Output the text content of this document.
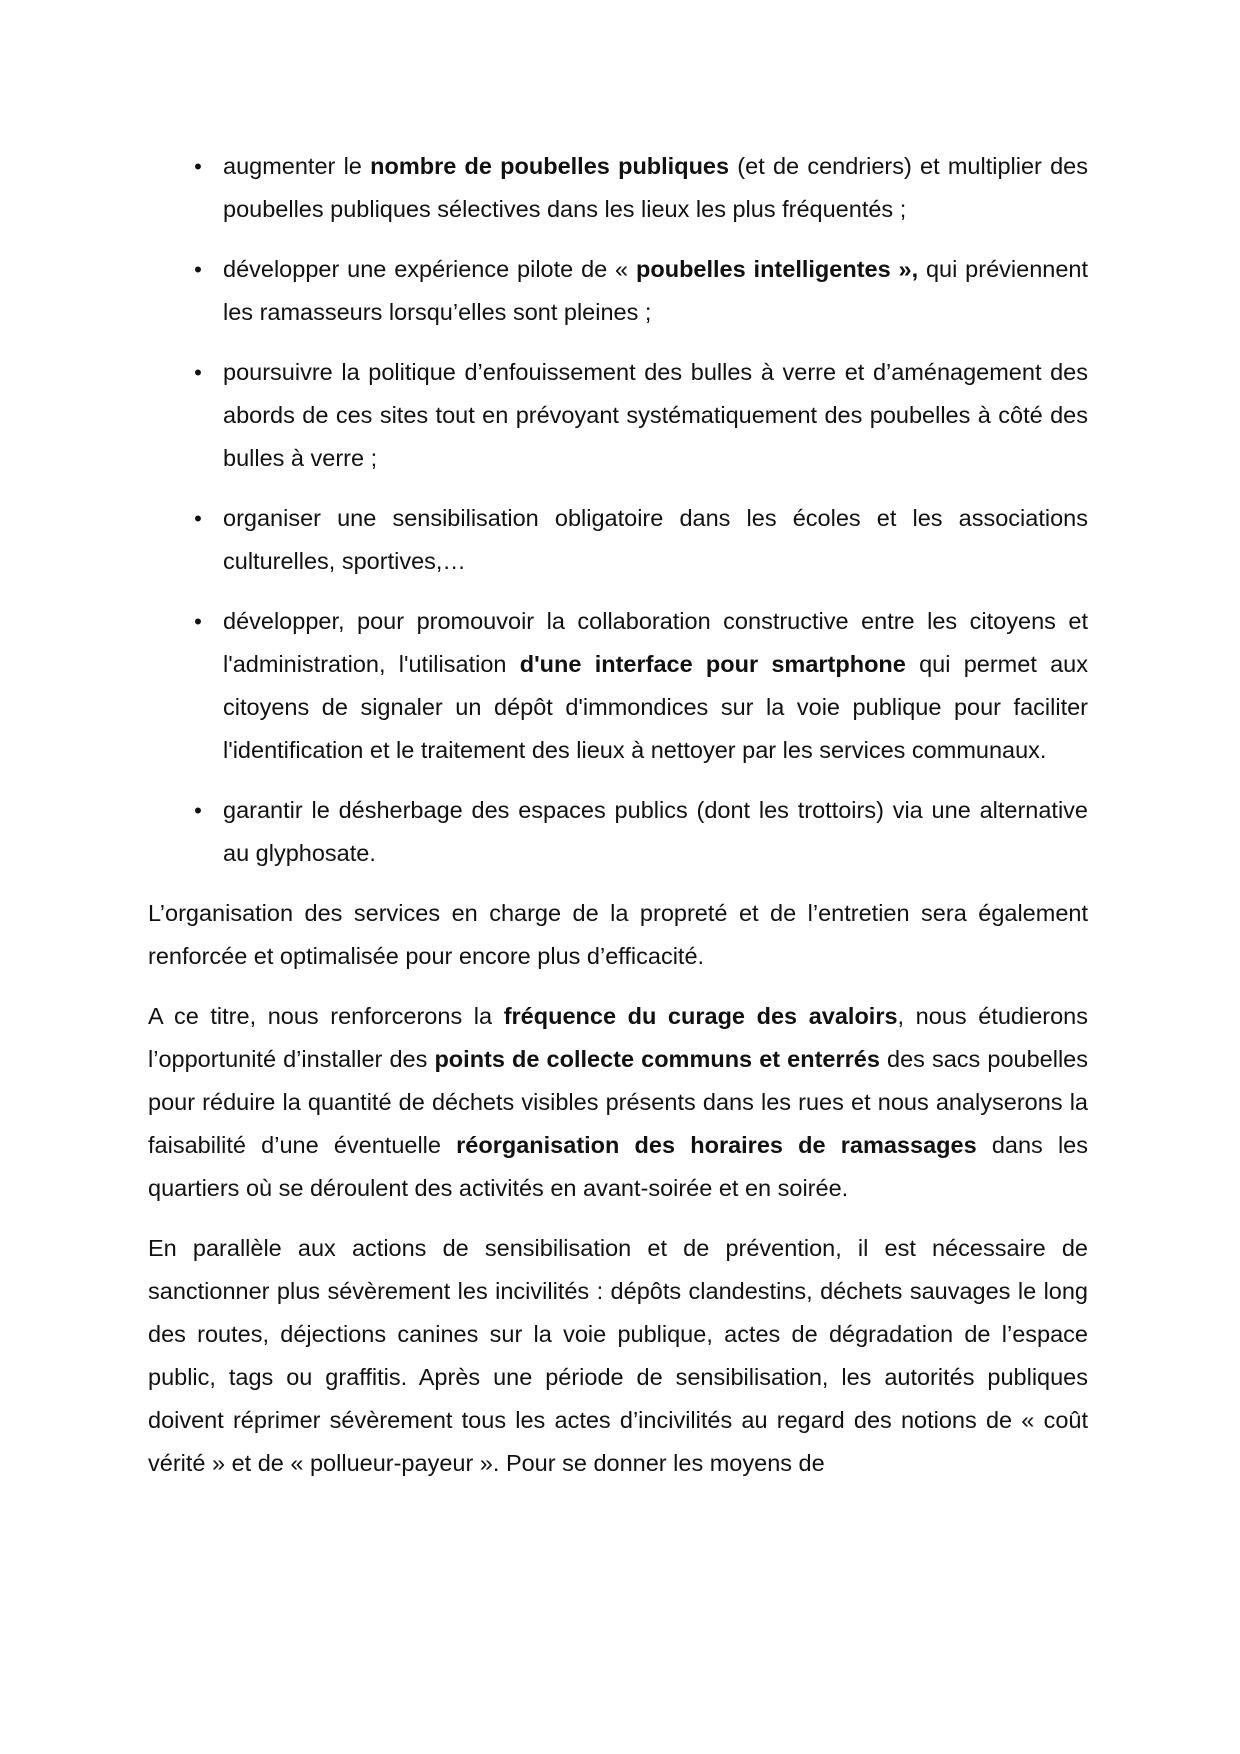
• augmenter le nombre de poubelles publiques (et de cendriers) et multiplier des poubelles publiques sélectives dans les lieux les plus fréquentés ;
• développer une expérience pilote de « poubelles intelligentes », qui préviennent les ramasseurs lorsqu’elles sont pleines ;
• poursuivre la politique d’enfouissement des bulles à verre et d’aménagement des abords de ces sites tout en prévoyant systématiquement des poubelles à côté des bulles à verre ;
• organiser une sensibilisation obligatoire dans les écoles et les associations culturelles, sportives,…
• développer, pour promouvoir la collaboration constructive entre les citoyens et l'administration, l'utilisation d'une interface pour smartphone qui permet aux citoyens de signaler un dépôt d'immondices sur la voie publique pour faciliter l'identification et le traitement des lieux à nettoyer par les services communaux.
• garantir le désherbage des espaces publics (dont les trottoirs) via une alternative au glyphosate.

L’organisation des services en charge de la propreté et de l’entretien sera également renforcée et optimalisée pour encore plus d’efficacité.

A ce titre, nous renforcerons la fréquence du curage des avaloirs, nous étudierons l’opportunité d’installer des points de collecte communs et enterrés des sacs poubelles pour réduire la quantité de déchets visibles présents dans les rues et nous analyserons la faisabilité d’une éventuelle réorganisation des horaires de ramassages dans les quartiers où se déroulent des activités en avant-soirée et en soirée.

En parallèle aux actions de sensibilisation et de prévention, il est nécessaire de sanctionner plus sévèrement les incivilités : dépôts clandestins, déchets sauvages le long des routes, déjections canines sur la voie publique, actes de dégradation de l’espace public, tags ou graffitis. Après une période de sensibilisation, les autorités publiques doivent réprimer sévèrement tous les actes d’incivilités au regard des notions de « coût vérité » et de « pollueur-payeur ». Pour se donner les moyens de
